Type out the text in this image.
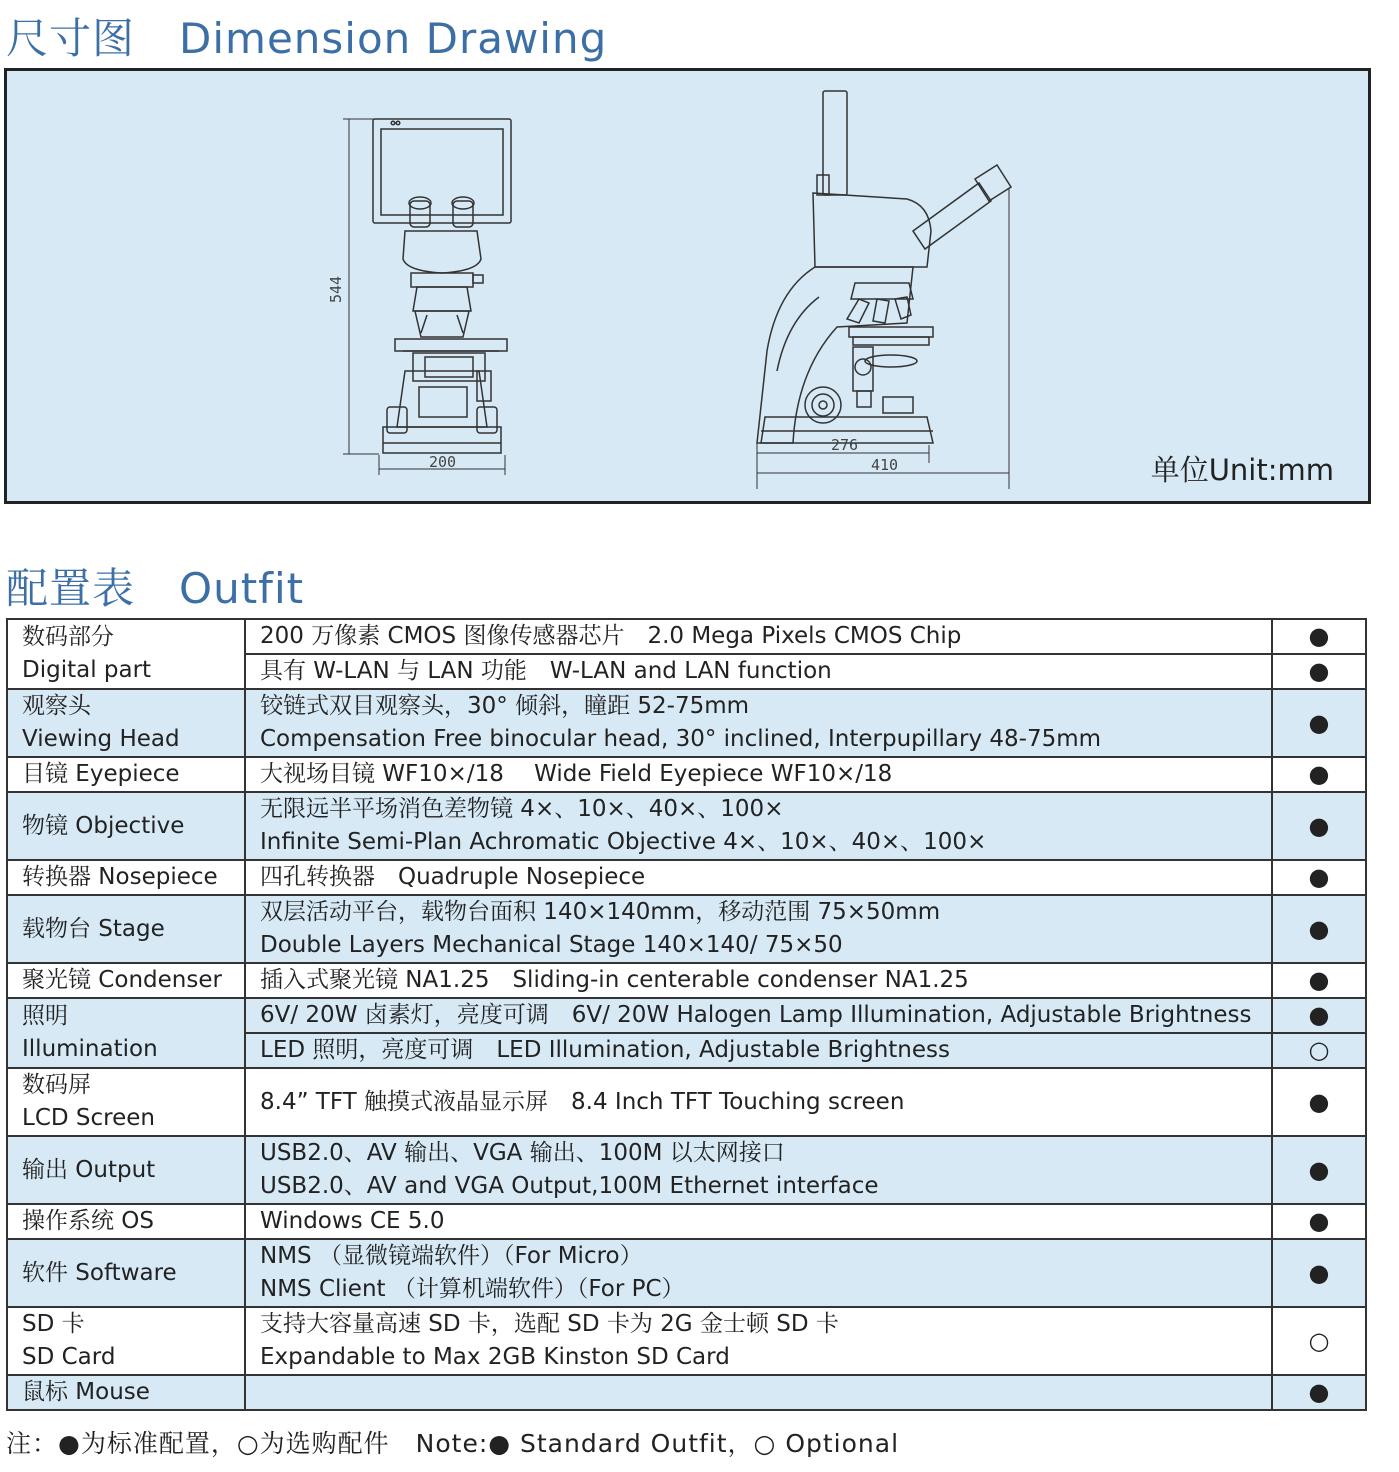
尺寸图 Dimension Drawing
544
200
276
410	单位Unit:mm
配置表 Outfit
数码部分
Digital part	200 万像素 CMOS 图像传感器芯片　2.0 Mega Pixels CMOS Chip	●

	具有 W-LAN 与 LAN 功能　W-LAN and LAN function	●

观察头
Viewing Head	铰链式双目观察头，30° 倾斜，瞳距 52-75mm
Compensation Free binocular head, 30° inclined, Interpupillary 48-75mm	●

目镜 Eyepiece	大视场目镜 WF10×/18　 Wide Field Eyepiece WF10×/18	●

物镜 Objective	无限远半平场消色差物镜 4×、10×、40×、100×
Infinite Semi-Plan Achromatic Objective 4×、10×、40×、100×	●

转换器 Nosepiece	四孔转换器　Quadruple Nosepiece	●

载物台 Stage	双层活动平台，载物台面积 140×140mm，移动范围 75×50mm
Double Layers Mechanical Stage 140×140/ 75×50	●

聚光镜 Condenser	插入式聚光镜 NA1.25　Sliding-in centerable condenser NA1.25	●

照明
Illumination	6V/ 20W 卤素灯，亮度可调　6V/ 20W Halogen Lamp Illumination, Adjustable Brightness	●

	LED 照明，亮度可调　LED Illumination, Adjustable Brightness	○

数码屏
LCD Screen	8.4” TFT 触摸式液晶显示屏　8.4 Inch TFT Touching screen	●

输出 Output	USB2.0、AV 输出、VGA 输出、100M 以太网接口
USB2.0、AV and VGA Output,100M Ethernet interface	●

操作系统 OS	Windows CE 5.0	●

软件 Software	NMS （显微镜端软件）（For Micro）
NMS Client （计算机端软件）（For PC）	●

SD 卡
SD Card	支持大容量高速 SD 卡，选配 SD 卡为 2G 金士顿 SD 卡
Expandable to Max 2GB Kinston SD Card	○

鼠标 Mouse		●

注：●为标准配置，○为选购配件 Note:● Standard Outfit，○ Optional
